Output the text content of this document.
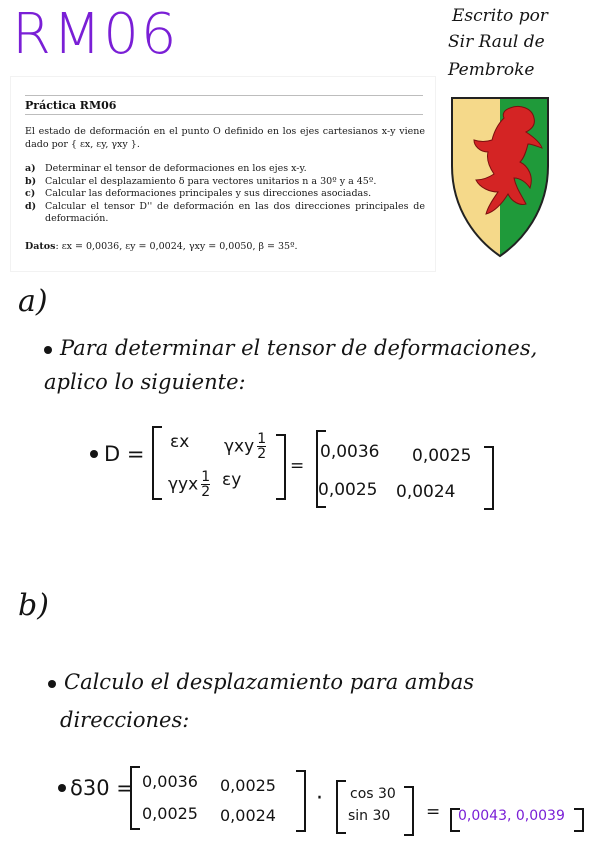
RM06	Escrito por
Sir Raul de
Pembroke
Práctica RM06
El estado de deformación en el punto O definido en los ejes cartesianos x-y viene dado por { εx, εy, γxy }.
a) Determinar el tensor de deformaciones en los ejes x-y.
b) Calcular el desplazamiento δ para vectores unitarios n a 30º y a 45º.
c)	Calcular las deformaciones principales y sus direcciones asociadas.
d) Calcular el tensor D'' de deformación en las dos direcciones principales de deformación.
Datos: εx = 0,0036, εy = 0,0024, γxy = 0,0050, β = 35º.
a)
Para determinar el tensor de deformaciones,
aplico lo siguiente:
D = εx γxy $\frac{1}{2}$
γyx $\frac{1}{2}$ εy
=
0,0036 0,0025
0,0025 0,0024
b)
Calculo el desplazamiento para ambas
direcciones:
δ30 = 0,0036 0,0025
0,0025 0,0024
· cos 30
sin 30 = 0,0043, 0,0039
